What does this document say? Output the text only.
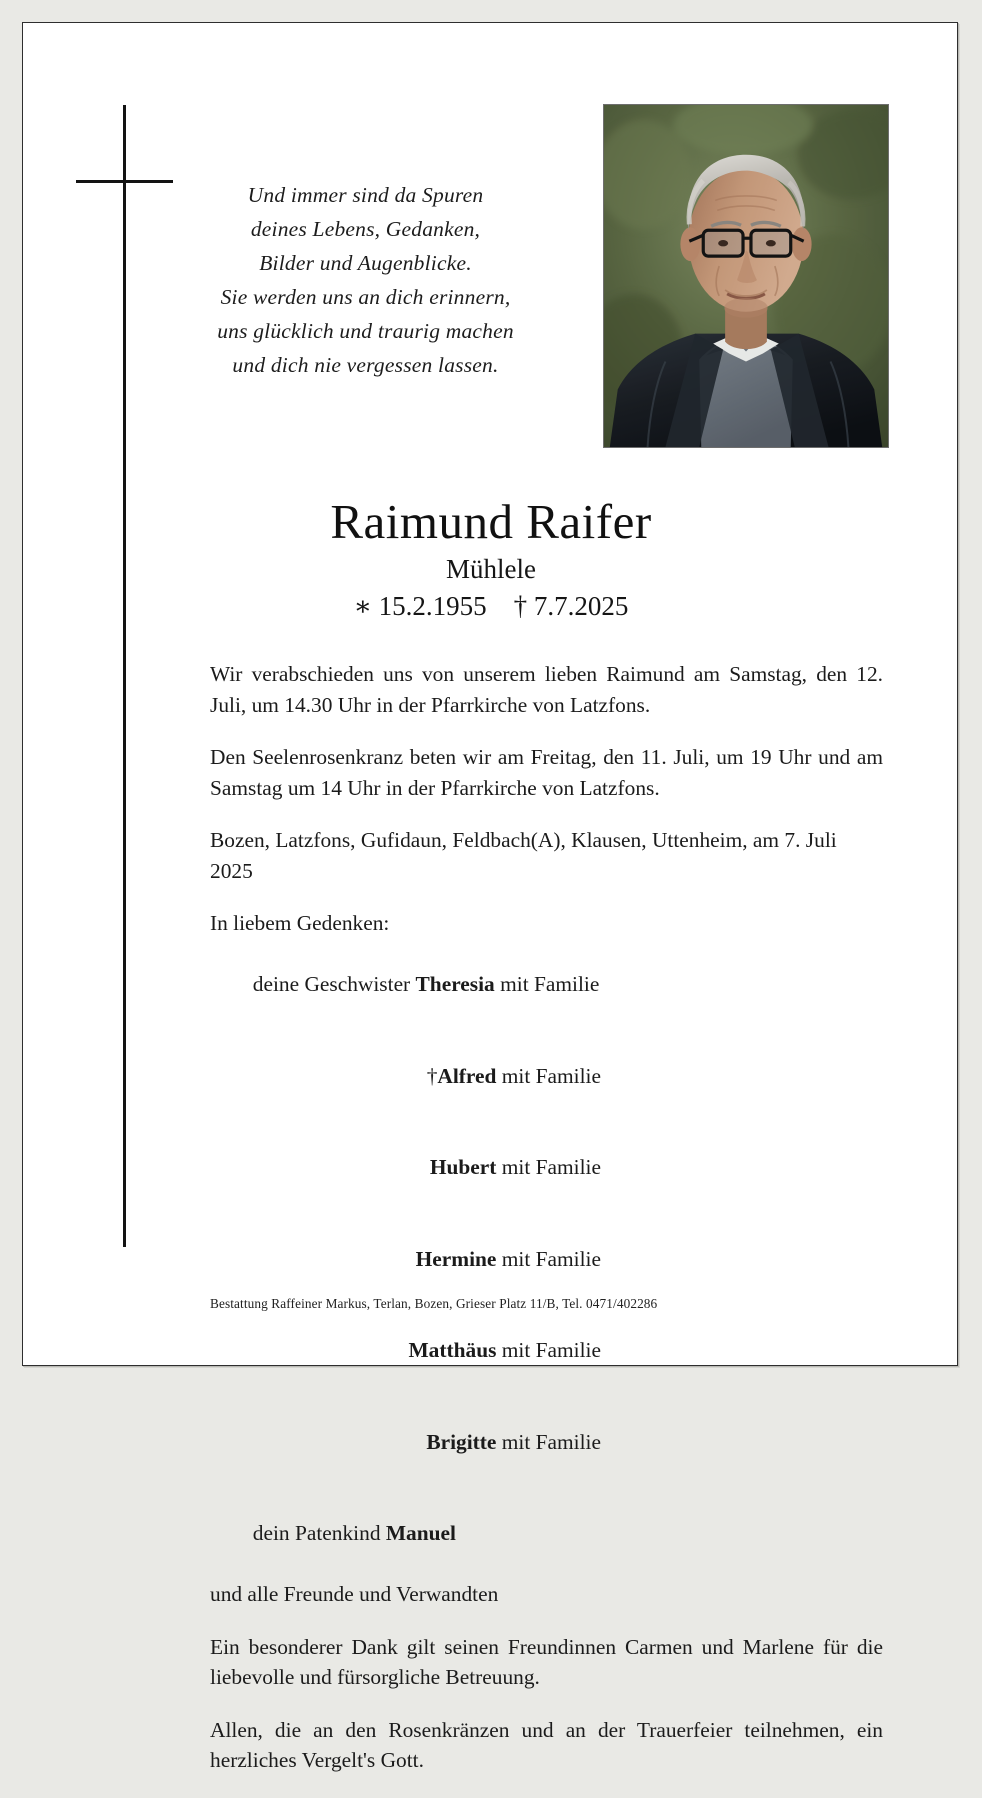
Und immer sind da Spuren
deines Lebens, Gedanken,
Bilder und Augenblicke.
Sie werden uns an dich erinnern,
uns glücklich und traurig machen
und dich nie vergessen lassen.
Raimund Raifer
Mühlele
∗ 15.2.1955    † 7.7.2025

Wir verabschieden uns von unserem lieben Raimund am Samstag, den 12. Juli, um 14.30 Uhr in der Pfarrkirche von Latzfons.

Den Seelenrosenkranz beten wir am Freitag, den 11. Juli, um 19 Uhr und am Samstag um 14 Uhr in der Pfarrkirche von Latzfons.

Bozen, Latzfons, Gufidaun, Feldbach(A), Klausen, Uttenheim, am 7. Juli 2025

In liebem Gedenken:

deine Geschwister Theresia mit Familie

†Alfred mit Familie

Hubert mit Familie

Hermine mit Familie

Matthäus mit Familie

Brigitte mit Familie

dein Patenkind Manuel

und alle Freunde und Verwandten

Ein besonderer Dank gilt seinen Freundinnen Carmen und Marlene für die liebevolle und fürsorgliche Betreuung.

Allen, die an den Rosenkränzen und an der Trauerfeier teilnehmen, ein herzliches Vergelt's Gott.

Bestattung Raffeiner Markus, Terlan, Bozen, Grieser Platz 11/B, Tel. 0471/402286
